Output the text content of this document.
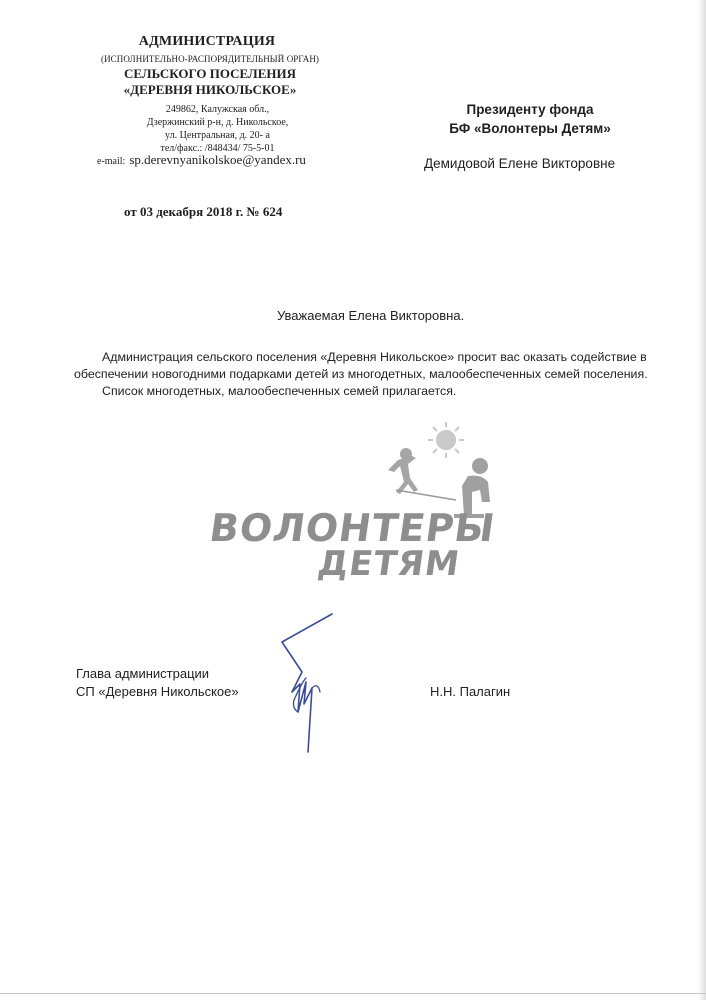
АДМИНИСТРАЦИЯ
(ИСПОЛНИТЕЛЬНО-РАСПОРЯДИТЕЛЬНЫЙ ОРГАН)
СЕЛЬСКОГО ПОСЕЛЕНИЯ
«ДЕРЕВНЯ НИКОЛЬСКОЕ»
249862, Калужская обл.,
Дзержинский р-н, д. Никольское,
ул. Центральная, д. 20- а
тел/факс.: /848434/ 75-5-01
e-mail: sp.derevnyanikolskoe@yandex.ru
от 03 декабря 2018 г. № 624
Президенту фонда
БФ «Волонтеры Детям»
Демидовой Елене Викторовне
Уважаемая Елена Викторовна.

Администрация сельского поселения «Деревня Никольское» просит вас оказать содействие в обеспечении новогодними подарками детей из многодетных, малообеспеченных семей поселения.

Список многодетных, малообеспеченных семей прилагается.

ВОЛОНТЕРЫ
ДЕТЯМ
Глава администрации
СП «Деревня Никольское»	Н.Н. Палагин
